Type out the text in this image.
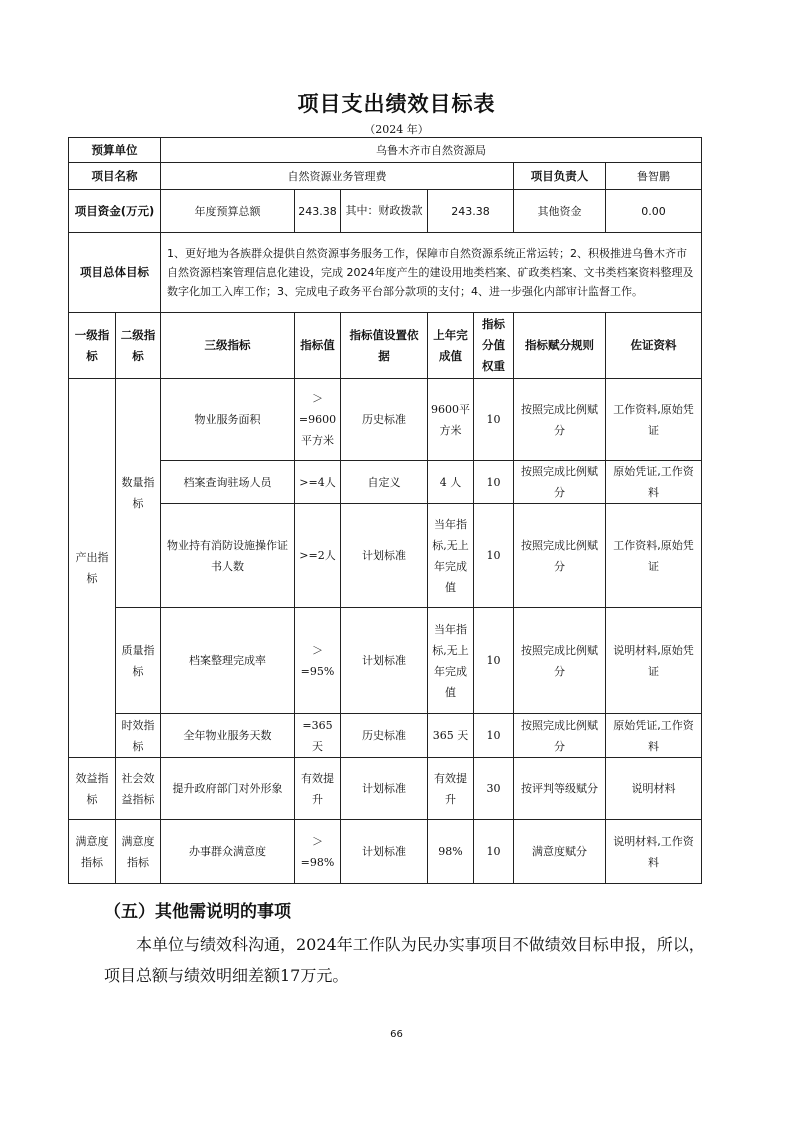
项目支出绩效目标表
（2024 年）
预算单位		乌鲁木齐市自然资源局						
项目名称		自然资源业务管理费					项目负责人	鲁智鹏
项目资金(万元)		年度预算总额	243.38	其中：财政拨款	243.38		其他资金	0.00
项目总体目标		1、更好地为各族群众提供自然资源事务服务工作，保障市自然资源系统正常运转；2、积极推进乌鲁木齐市自然资源档案管理信息化建设，完成 2024年度产生的建设用地类档案、矿政类档案、文书类档案资料整理及数字化加工入库工作；3、完成电子政务平台部分款项的支付；4、进一步强化内部审计监督工作。						
一级指标	二级指标	三级指标	指标值	指标值设置依据	上年完成值	指标分值权重	指标赋分规则	佐证资料
产出指标	数量指标	物业服务面积	＞=9600平方米	历史标准	9600平方米	10	按照完成比例赋分	工作资料,原始凭证
		档案查询驻场人员	>=4人	自定义	4 人	10	按照完成比例赋分	原始凭证,工作资料
		物业持有消防设施操作证书人数	>=2人	计划标准	当年指标,无上年完成值	10	按照完成比例赋分	工作资料,原始凭证
	质量指标	档案整理完成率	＞=95%	计划标准	当年指标,无上年完成值	10	按照完成比例赋分	说明材料,原始凭证
	时效指标	全年物业服务天数	=365天	历史标准	365 天	10	按照完成比例赋分	原始凭证,工作资料
效益指标	社会效益指标	提升政府部门对外形象	有效提升	计划标准	有效提升	30	按评判等级赋分	说明材料
满意度指标	满意度指标	办事群众满意度	＞=98%	计划标准	98%	10	满意度赋分	说明材料,工作资料
（五）其他需说明的事项
本单位与绩效科沟通，2024年工作队为民办实事项目不做绩效目标申报，所以，项目总额与绩效明细差额17万元。
66
